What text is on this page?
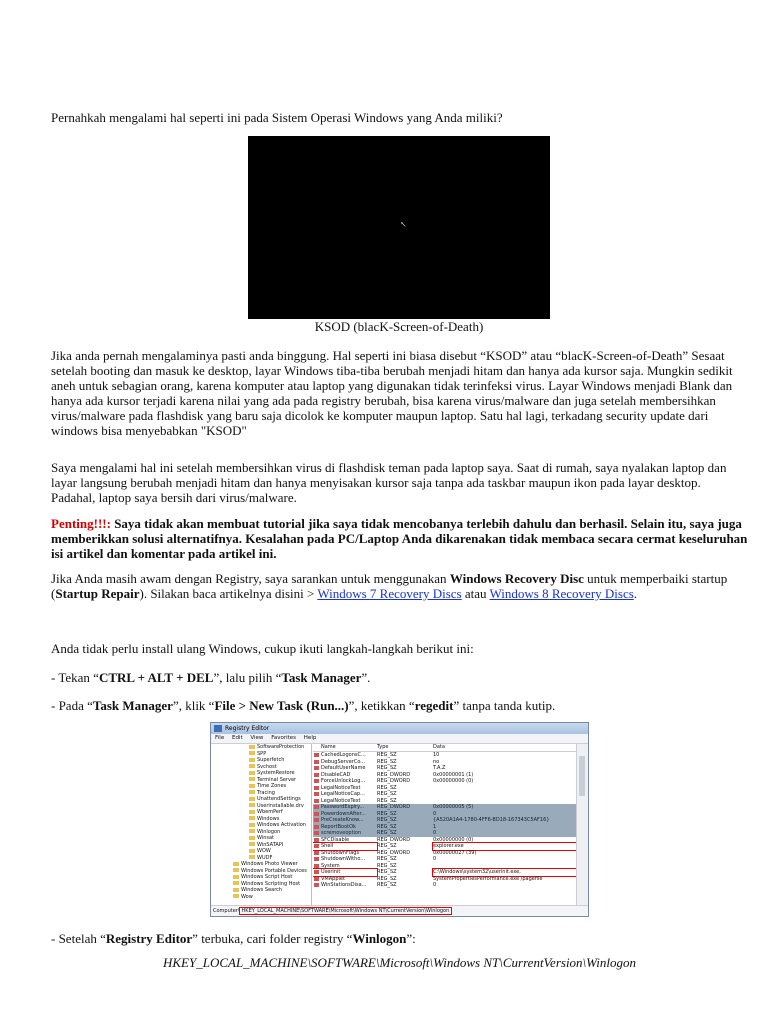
Pernahkah mengalami hal seperti ini pada Sistem Operasi Windows yang Anda miliki?

↖
KSOD (blacK-Screen-of-Death)

Jika anda pernah mengalaminya pasti anda binggung. Hal seperti ini biasa disebut “KSOD” atau “blacK-Screen-of-Death” Sesaat setelah booting dan masuk ke desktop, layar Windows tiba-tiba berubah menjadi hitam dan hanya ada kursor saja. Mungkin sedikit aneh untuk sebagian orang, karena komputer atau laptop yang digunakan tidak terinfeksi virus. Layar Windows menjadi Blank dan hanya ada kursor terjadi karena nilai yang ada pada registry berubah, bisa karena virus/malware dan juga setelah membersihkan virus/malware pada flashdisk yang baru saja dicolok ke komputer maupun laptop. Satu hal lagi, terkadang security update dari windows bisa menyebabkan "KSOD"

Saya mengalami hal ini setelah membersihkan virus di flashdisk teman pada laptop saya. Saat di rumah, saya nyalakan laptop dan layar langsung berubah menjadi hitam dan hanya menyisakan kursor saja tanpa ada taskbar maupun ikon pada layar desktop. Padahal, laptop saya bersih dari virus/malware.

Penting!!!: Saya tidak akan membuat tutorial jika saya tidak mencobanya terlebih dahulu dan berhasil. Selain itu, saya juga memberikkan solusi alternatifnya. Kesalahan pada PC/Laptop Anda dikarenakan tidak membaca secara cermat keseluruhan isi artikel dan komentar pada artikel ini.

Jika Anda masih awam dengan Registry, saya sarankan untuk menggunakan Windows Recovery Disc untuk memperbaiki startup (Startup Repair). Silakan baca artikelnya disini > Windows 7 Recovery Discs atau Windows 8 Recovery Discs.

Anda tidak perlu install ulang Windows, cukup ikuti langkah-langkah berikut ini:

- Tekan “CTRL + ALT + DEL”, lalu pilih “Task Manager”.

- Pada “Task Manager”, klik “File > New Task (Run...)”, ketikkan “regedit” tanpa tanda kutip.

Registry Editor
File Edit View Favorites Help
SoftwareProtection
SPP
Superfetch
Svchost
SystemRestore
Terminal Server
Time Zones
Tracing
UnattendSettings
Userinstallable.drv
WbemPerf
Windows
Windows Activation
Winlogon
Winsat
WinSATAPI
WOW
WUDF
Windows Photo Viewer
Windows Portable Devices
Windows Script Host
Windows Scripting Host
Windows Search
Wow
Name	Type	Data
CachedLogonsC...	REG_SZ	10
DebugServerCo...	REG_SZ	no
DefaultUserName	REG_SZ	T.A.Z
DisableCAD	REG_DWORD	0x00000001 (1)
ForceUnlockLog...	REG_DWORD	0x00000000 (0)
LegalNoticeText	REG_SZ
LegalNoticeCap...	REG_SZ
LegalNoticeText	REG_SZ
PasswordExpiry...	REG_DWORD	0x00000005 (5)
PowerdownAfter...	REG_SZ	0
PreCreateKnow...	REG_SZ	{A520A1A4-1780-4FF6-BD18-167343C5AF16}
ReportBootOk	REG_SZ	1
scremoveoption	REG_SZ	0
SFCDisable	REG_DWORD	0x00000000 (0)
Shell	REG_SZ	explorer.exe
ShutdownFlags	REG_DWORD	0x00000027 (39)
ShutdownWitho...	REG_SZ	0
System	REG_SZ
Userinit	REG_SZ	C:\Windows\system32\userinit.exe,
VMApplet	REG_SZ	SystemPropertiesPerformance.exe /pagefile
WinStationsDisa...	REG_SZ	0
Computer\ HKEY_LOCAL_MACHINE\SOFTWARE\Microsoft\Windows NT\CurrentVersion\Winlogon

- Setelah “Registry Editor” terbuka, cari folder registry “Winlogon”:

HKEY_LOCAL_MACHINE\SOFTWARE\Microsoft\Windows NT\CurrentVersion\Winlogon
